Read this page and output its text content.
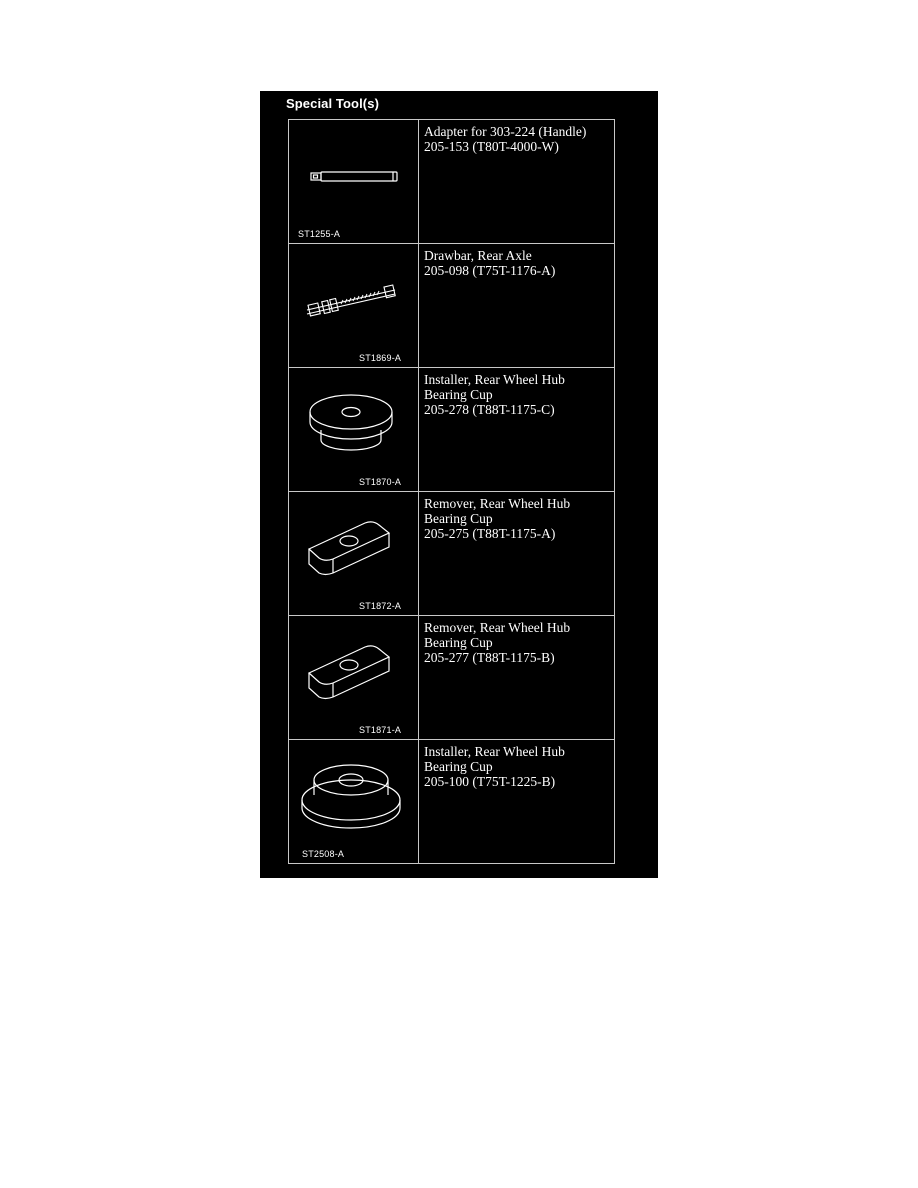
Special Tool(s)
ST1255-A
Adapter for 303-224 (Handle)
205-153 (T80T-4000-W)
ST1869-A
Drawbar, Rear Axle
205-098 (T75T-1176-A)
ST1870-A
Installer, Rear Wheel Hub
Bearing Cup
205-278 (T88T-1175-C)
ST1872-A
Remover, Rear Wheel Hub
Bearing Cup
205-275 (T88T-1175-A)
ST1871-A
Remover, Rear Wheel Hub
Bearing Cup
205-277 (T88T-1175-B)
ST2508-A
Installer, Rear Wheel Hub
Bearing Cup
205-100 (T75T-1225-B)
